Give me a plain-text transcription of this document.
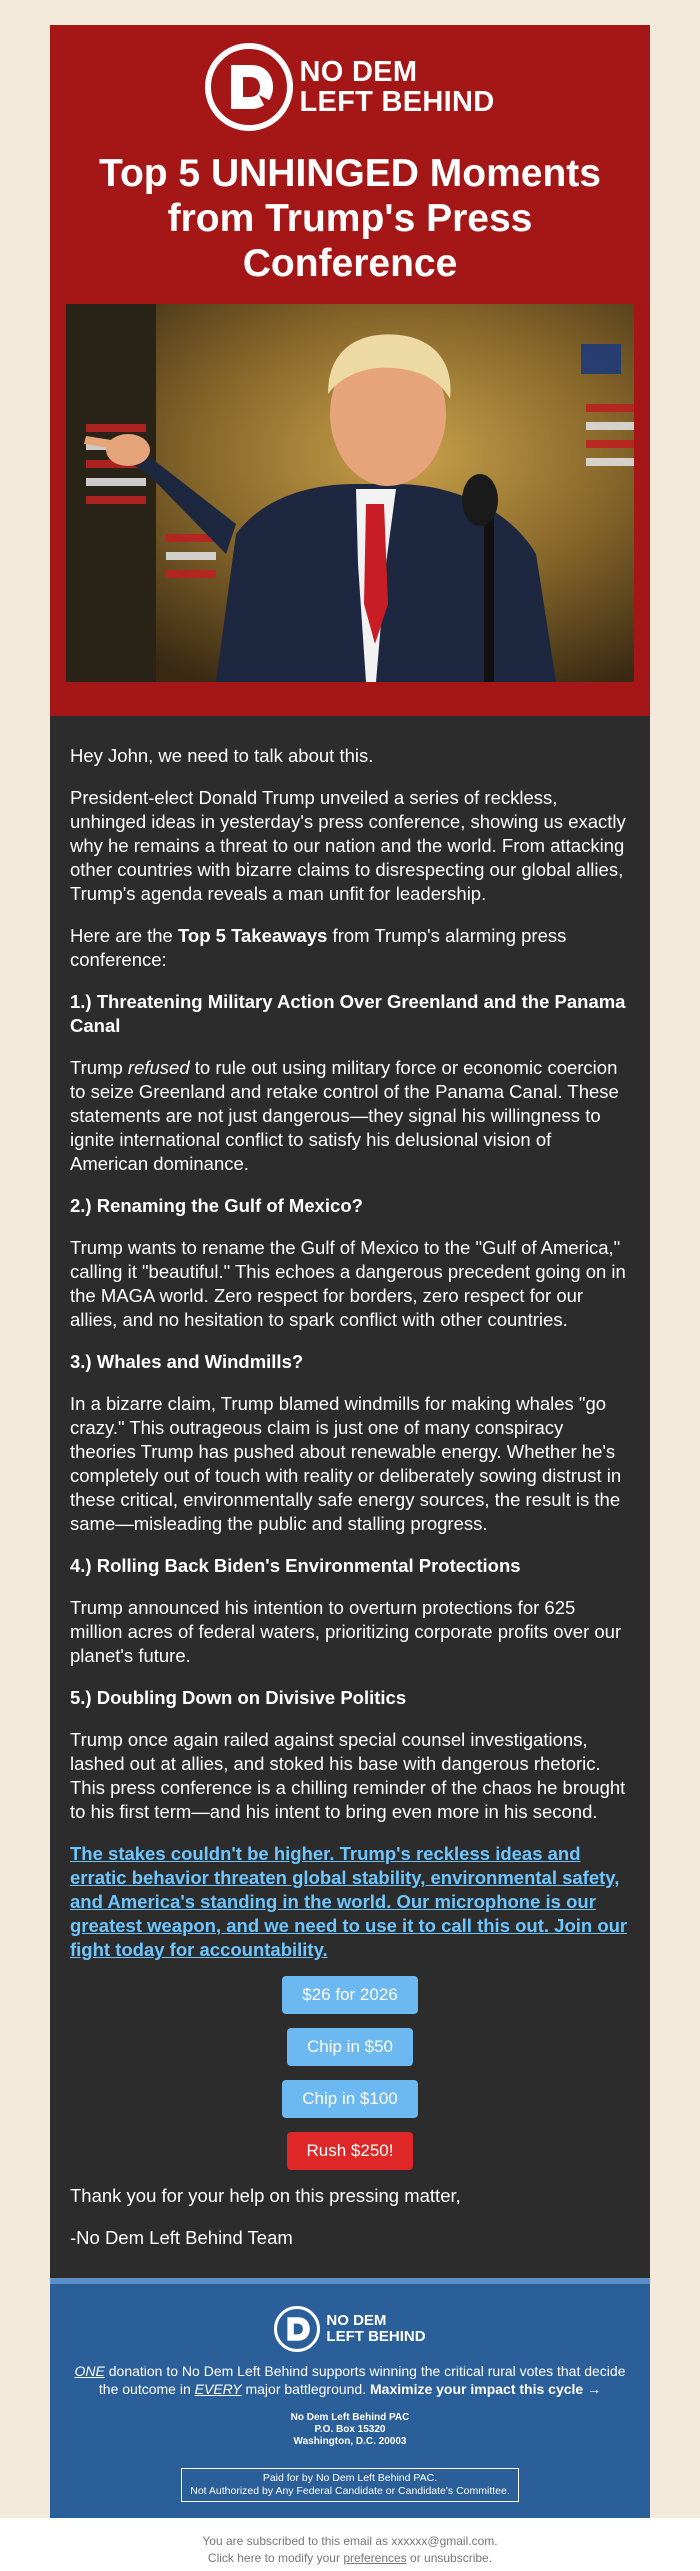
NO DEM
LEFT BEHIND
Top 5 UNHINGED Moments from Trump's Press Conference

Hey John, we need to talk about this.

President-elect Donald Trump unveiled a series of reckless, unhinged ideas in yesterday's press conference, showing us exactly why he remains a threat to our nation and the world. From attacking other countries with bizarre claims to disrespecting our global allies, Trump's agenda reveals a man unfit for leadership.

Here are the Top 5 Takeaways from Trump's alarming press conference:

1.) Threatening Military Action Over Greenland and the Panama Canal

Trump refused to rule out using military force or economic coercion to seize Greenland and retake control of the Panama Canal. These statements are not just dangerous—they signal his willingness to ignite international conflict to satisfy his delusional vision of American dominance.

2.) Renaming the Gulf of Mexico?

Trump wants to rename the Gulf of Mexico to the "Gulf of America," calling it "beautiful." This echoes a dangerous precedent going on in the MAGA world. Zero respect for borders, zero respect for our allies, and no hesitation to spark conflict with other countries.

3.) Whales and Windmills?

In a bizarre claim, Trump blamed windmills for making whales "go crazy." This outrageous claim is just one of many conspiracy theories Trump has pushed about renewable energy. Whether he's completely out of touch with reality or deliberately sowing distrust in these critical, environmentally safe energy sources, the result is the same—misleading the public and stalling progress.

4.) Rolling Back Biden's Environmental Protections

Trump announced his intention to overturn protections for 625 million acres of federal waters, prioritizing corporate profits over our planet's future.

5.) Doubling Down on Divisive Politics

Trump once again railed against special counsel investigations, lashed out at allies, and stoked his base with dangerous rhetoric. This press conference is a chilling reminder of the chaos he brought to his first term—and his intent to bring even more in his second.

The stakes couldn't be higher. Trump's reckless ideas and erratic behavior threaten global stability, environmental safety, and America's standing in the world. Our microphone is our greatest weapon, and we need to use it to call this out. Join our fight today for accountability.
$26 for 2026
Chip in $50
Chip in $100
Rush $250!

Thank you for your help on this pressing matter,

-No Dem Left Behind Team

NO DEM
LEFT BEHIND
ONE donation to No Dem Left Behind supports winning the critical rural votes that decide the outcome in EVERY major battleground. Maximize your impact this cycle →
No Dem Left Behind PAC
P.O. Box 15320
Washington, D.C. 20003
Paid for by No Dem Left Behind PAC.
Not Authorized by Any Federal Candidate or Candidate's Committee.
You are subscribed to this email as xxxxxx@gmail.com.
Click here to modify your preferences or unsubscribe.
